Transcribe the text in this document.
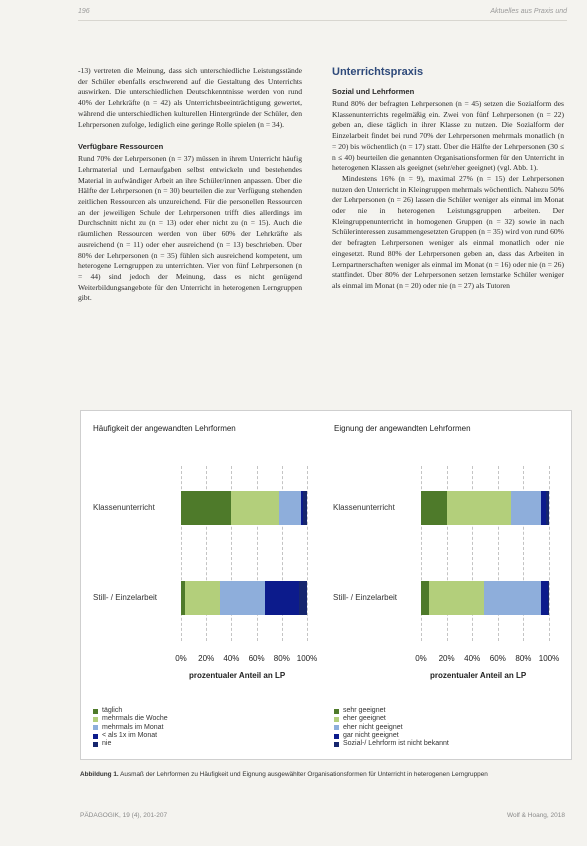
196	Aktuelles aus Praxis und

-13) vertreten die Meinung, dass sich unterschiedliche Leistungsstände der Schüler ebenfalls erschwerend auf die Gestaltung des Unterrichts auswirken. Die unterschiedlichen Deutschkenntnisse werden von rund 40% der Lehrkräfte (n = 42) als Unterrichtsbeeinträchtigung gewertet, während die unterschiedlichen kulturellen Hintergründe der Schüler, den Lehrpersonen zufolge, lediglich eine geringe Rolle spielen (n = 34).

Verfügbare Ressourcen

Rund 70% der Lehrpersonen (n = 37) müssen in ihrem Unterricht häufig Lehrmaterial und Lernaufgaben selbst entwickeln und bestehendes Material in aufwändiger Arbeit an ihre Schüler/innen anpassen. Über die Hälfte der Lehrpersonen (n = 30) beurteilen die zur Verfügung stehenden zeitlichen Ressourcen als unzureichend. Für die personellen Ressourcen an der jeweiligen Schule der Lehrpersonen trifft dies allerdings im Durchschnitt nicht zu (n = 13) oder eher nicht zu (n = 15). Auch die räumlichen Ressourcen werden von über 60% der Lehrkräfte als ausreichend (n = 11) oder eher ausreichend (n = 13) beschrieben. Über 80% der Lehrpersonen (n = 35) fühlen sich ausreichend kompetent, um heterogene Lerngruppen zu unterrichten. Vier von fünf Lehrpersonen (n = 44) sind jedoch der Meinung, dass es nicht genügend Weiterbildungsangebote für den Unterricht in heterogenen Lerngruppen gibt.

Unterrichtspraxis
Sozial und Lehrformen

Rund 80% der befragten Lehrpersonen (n = 45) setzen die Sozialform des Klassenunterrichts regelmäßig ein. Zwei von fünf Lehrpersonen (n = 22) geben an, diese täglich in ihrer Klasse zu nutzen. Die Sozialform der Einzelarbeit findet bei rund 70% der Lehrpersonen mehrmals monatlich (n = 20) bis wöchentlich (n = 17) statt. Über die Hälfte der Lehrpersonen (30 ≤ n ≤ 40) beurteilen die genannten Organisationsformen für den Unterricht in heterogenen Klassen als geeignet (sehr/eher geeignet) (vgl. Abb. 1).

Mindestens 16% (n = 9), maximal 27% (n = 15) der Lehrpersonen nutzen den Unterricht in Kleingruppen mehrmals wöchentlich. Nahezu 50% der Lehrpersonen (n = 26) lassen die Schüler weniger als einmal im Monat oder nie in heterogenen Leistungsgruppen arbeiten. Der Kleingruppenunterricht in homogenen Gruppen (n = 32) sowie in nach Schülerinteressen zusammengesetzten Gruppen (n = 35) wird von rund 60% der befragten Lehrpersonen weniger als einmal monatlich oder nie eingesetzt. Rund 80% der Lehrpersonen geben an, dass das Arbeiten in Lernpartnerschaften weniger als einmal im Monat (n = 16) oder nie (n = 26) stattfindet. Über 80% der Lehrpersonen setzen lernstarke Schüler weniger als einmal im Monat (n = 20) oder nie (n = 27) als Tutoren

Häufigkeit der angewandten Lehrformen	Eignung der angewandten Lehrformen
0% 20% 40% 60% 80% 100%
Klassenunterricht
Still- / Einzelarbeit
prozentualer Anteil an LP
täglich
mehrmals die Woche
mehrmals im Monat
< als 1x im Monat
nie
0% 20% 40% 60% 80% 100%
Klassenunterricht
Still- / Einzelarbeit
prozentualer Anteil an LP
sehr geeignet
eher geeignet
eher nicht geeignet
gar nicht geeignet
Sozial-/ Lehrform ist nicht bekannt
Abbildung 1. Ausmaß der Lehrformen zu Häufigkeit und Eignung ausgewählter Organisationsformen für Unterricht in heterogenen Lerngruppen
PÄDAGOGIK, 19 (4), 201-207	Wolf & Hoang, 2018
